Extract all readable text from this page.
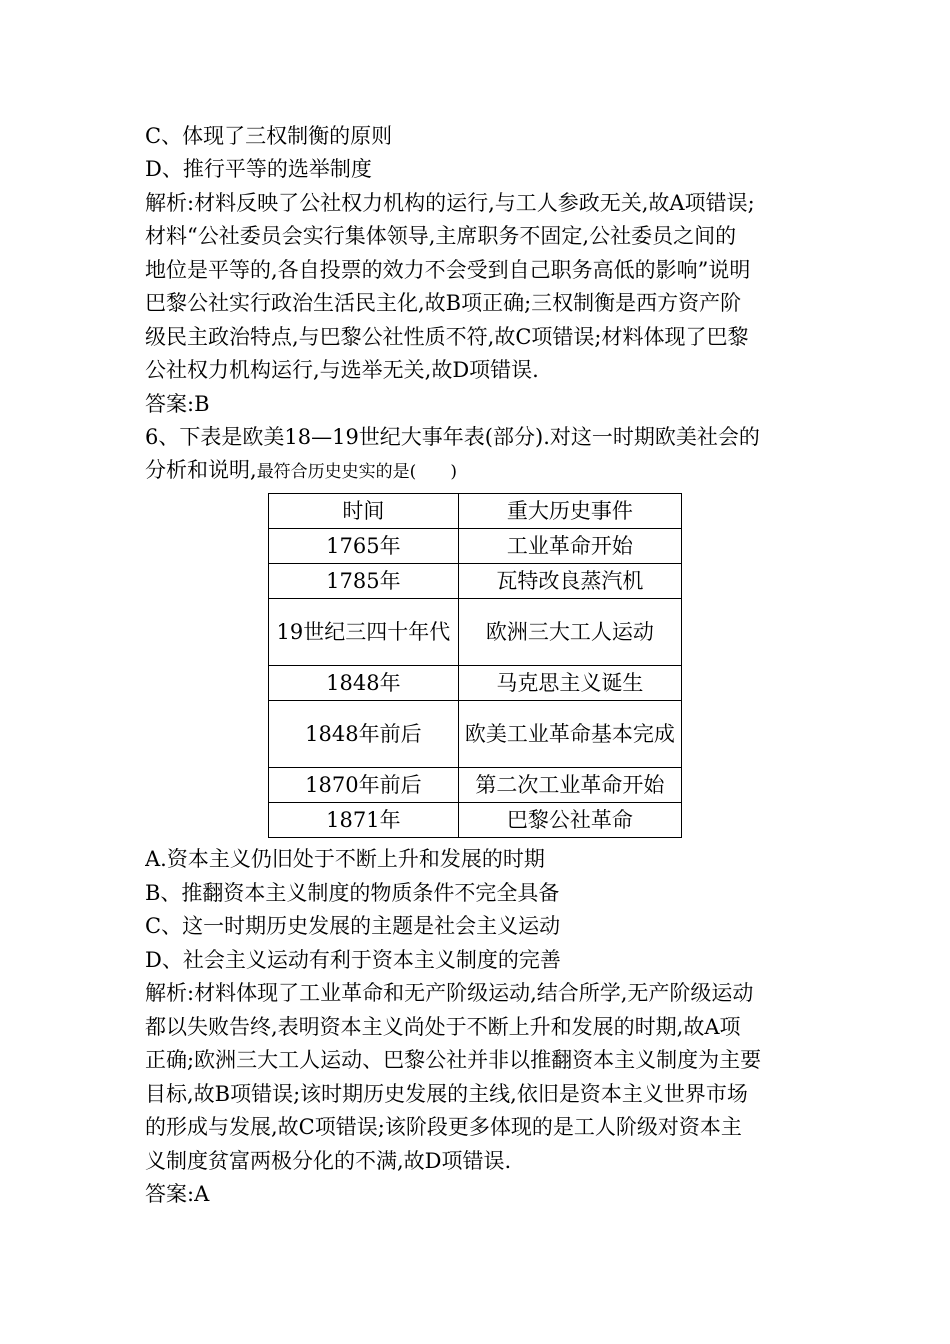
C、体现了三权制衡的原则
D、推行平等的选举制度
解析:材料反映了公社权力机构的运行,与工人参政无关,故A项错误;
材料“公社委员会实行集体领导,主席职务不固定,公社委员之间的
地位是平等的,各自投票的效力不会受到自己职务高低的影响”说明
巴黎公社实行政治生活民主化,故B项正确;三权制衡是西方资产阶
级民主政治特点,与巴黎公社性质不符,故C项错误;材料体现了巴黎
公社权力机构运行,与选举无关,故D项错误.
答案:B
6、下表是欧美18—19世纪大事年表(部分).对这一时期欧美社会的
分析和说明,最符合历史史实的是(　　)
时间	重大历史事件
1765年	工业革命开始
1785年	瓦特改良蒸汽机
19世纪三四十年代	欧洲三大工人运动
1848年	马克思主义诞生
1848年前后	欧美工业革命基本完成
1870年前后	第二次工业革命开始
1871年	巴黎公社革命
A.资本主义仍旧处于不断上升和发展的时期
B、推翻资本主义制度的物质条件不完全具备
C、这一时期历史发展的主题是社会主义运动
D、社会主义运动有利于资本主义制度的完善
解析:材料体现了工业革命和无产阶级运动,结合所学,无产阶级运动
都以失败告终,表明资本主义尚处于不断上升和发展的时期,故A项
正确;欧洲三大工人运动、巴黎公社并非以推翻资本主义制度为主要
目标,故B项错误;该时期历史发展的主线,依旧是资本主义世界市场
的形成与发展,故C项错误;该阶段更多体现的是工人阶级对资本主
义制度贫富两极分化的不满,故D项错误.
答案:A
